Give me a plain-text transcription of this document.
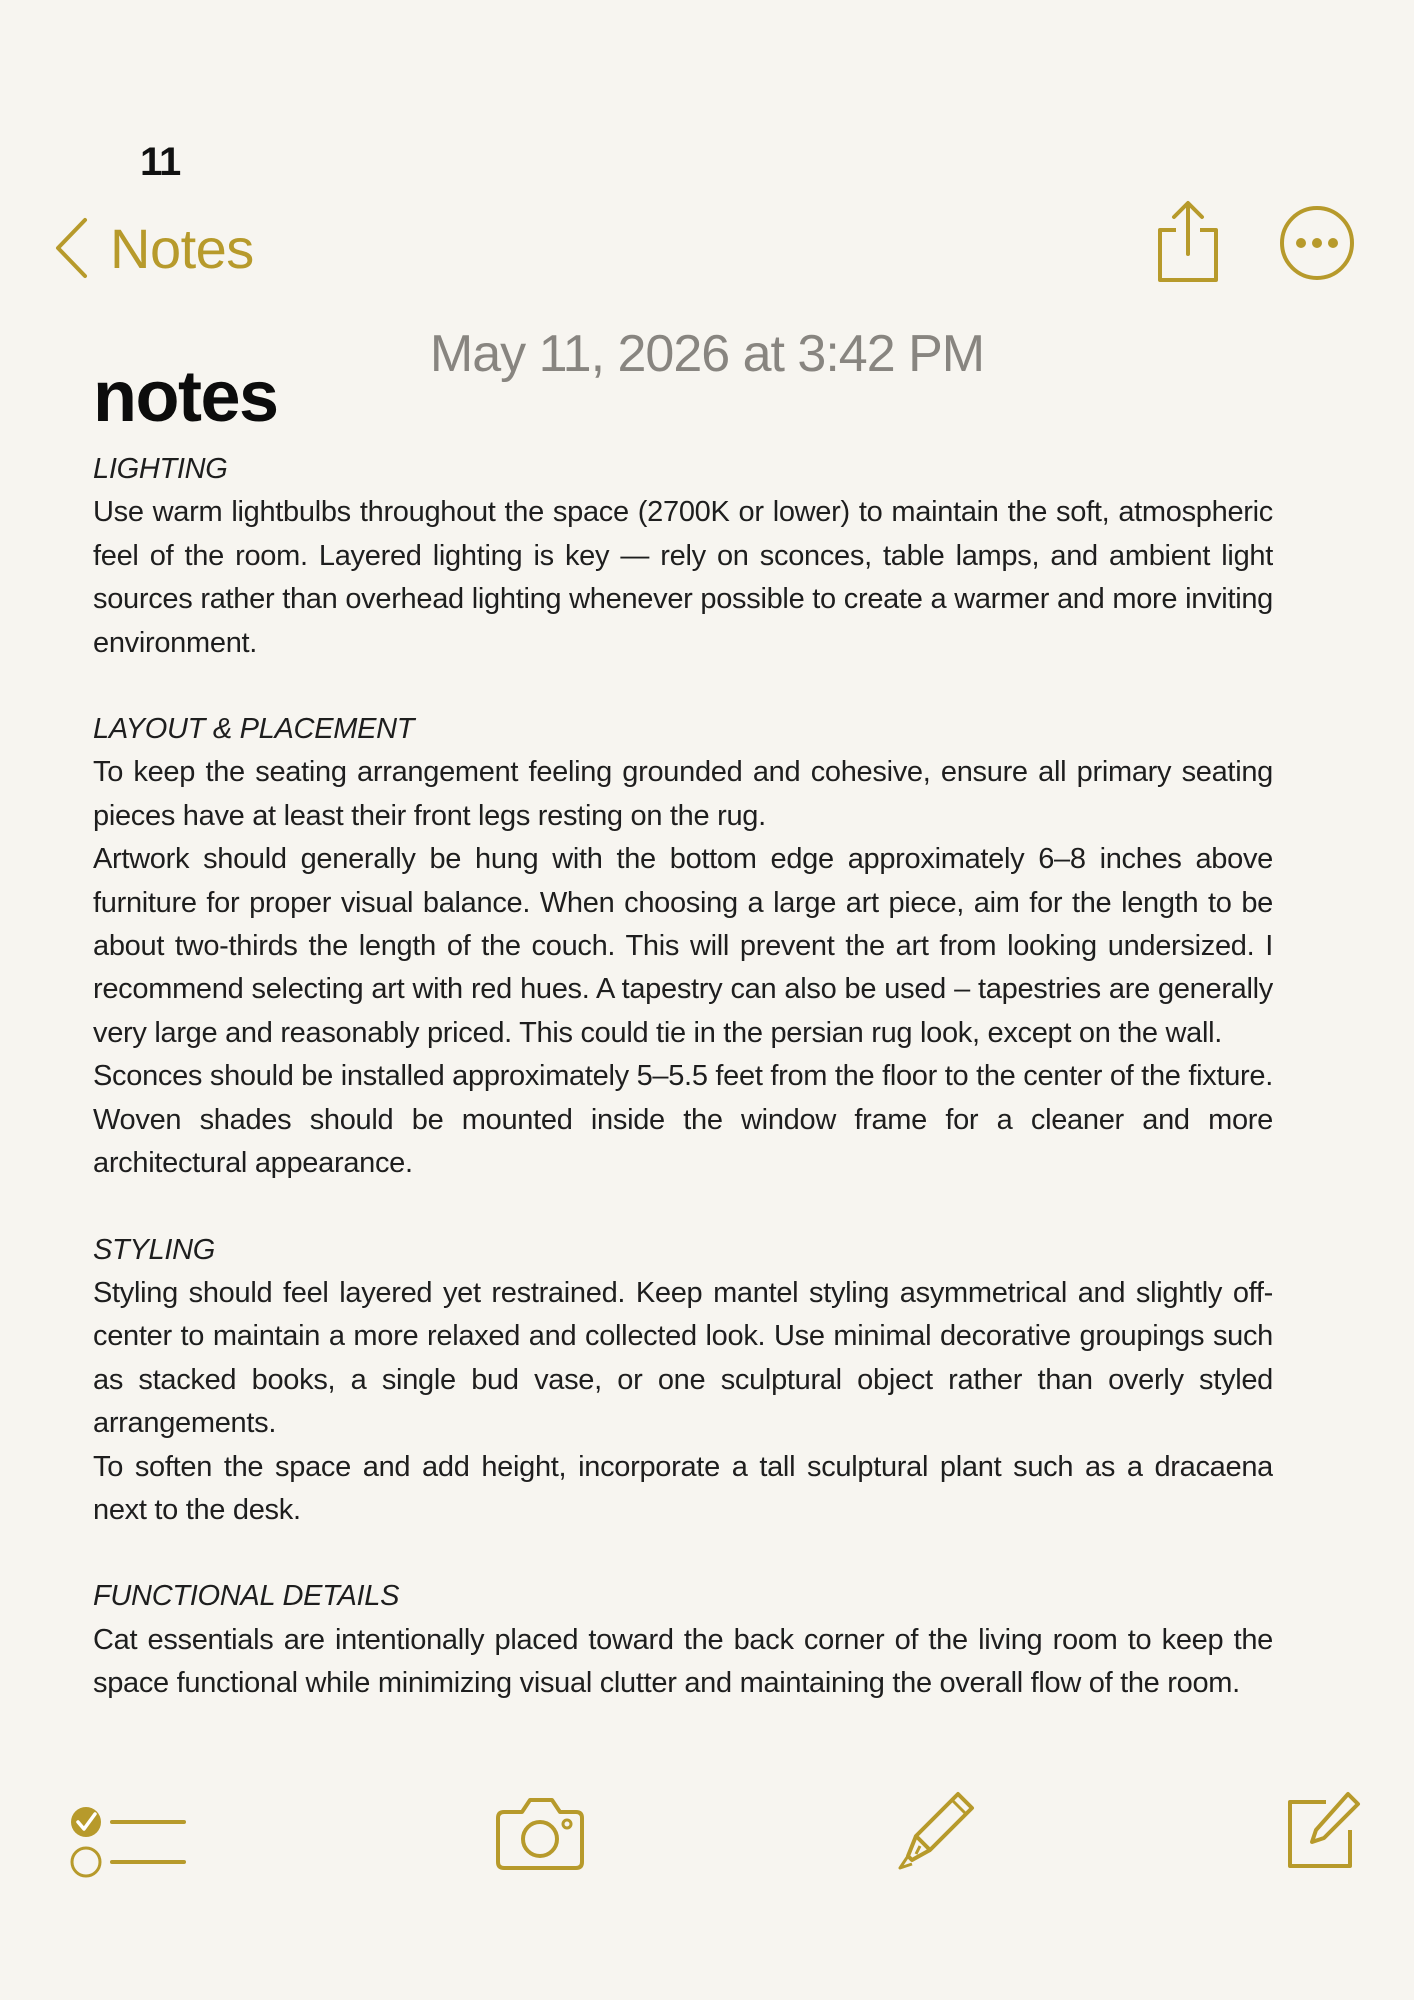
11
Notes
May 11, 2026 at 3:42 PM
notes

LIGHTING

Use warm lightbulbs throughout the space (2700K or lower) to maintain the soft, atmospheric feel of the room. Layered lighting is key — rely on sconces, table lamps, and ambient light sources rather than overhead lighting whenever possible to create a warmer and more inviting environment.

LAYOUT & PLACEMENT

To keep the seating arrangement feeling grounded and cohesive, ensure all primary seating pieces have at least their front legs resting on the rug.

Artwork should generally be hung with the bottom edge approximately 6–8 inches above furniture for proper visual balance. When choosing a large art piece, aim for the length to be about two-thirds the length of the couch. This will prevent the art from looking undersized. I recommend selecting art with red hues. A tapestry can also be used – tapestries are generally very large and reasonably priced. This could tie in the persian rug look, except on the wall.

Sconces should be installed approximately 5–5.5 feet from the floor to the center of the fixture. Woven shades should be mounted inside the window frame for a cleaner and more architectural appearance.

STYLING

Styling should feel layered yet restrained. Keep mantel styling asymmetrical and slightly off-center to maintain a more relaxed and collected look. Use minimal decorative groupings such as stacked books, a single bud vase, or one sculptural object rather than overly styled arrangements.

To soften the space and add height, incorporate a tall sculptural plant such as a dracaena next to the desk.

FUNCTIONAL DETAILS

Cat essentials are intentionally placed toward the back corner of the living room to keep the space functional while minimizing visual clutter and maintaining the overall flow of the room.
